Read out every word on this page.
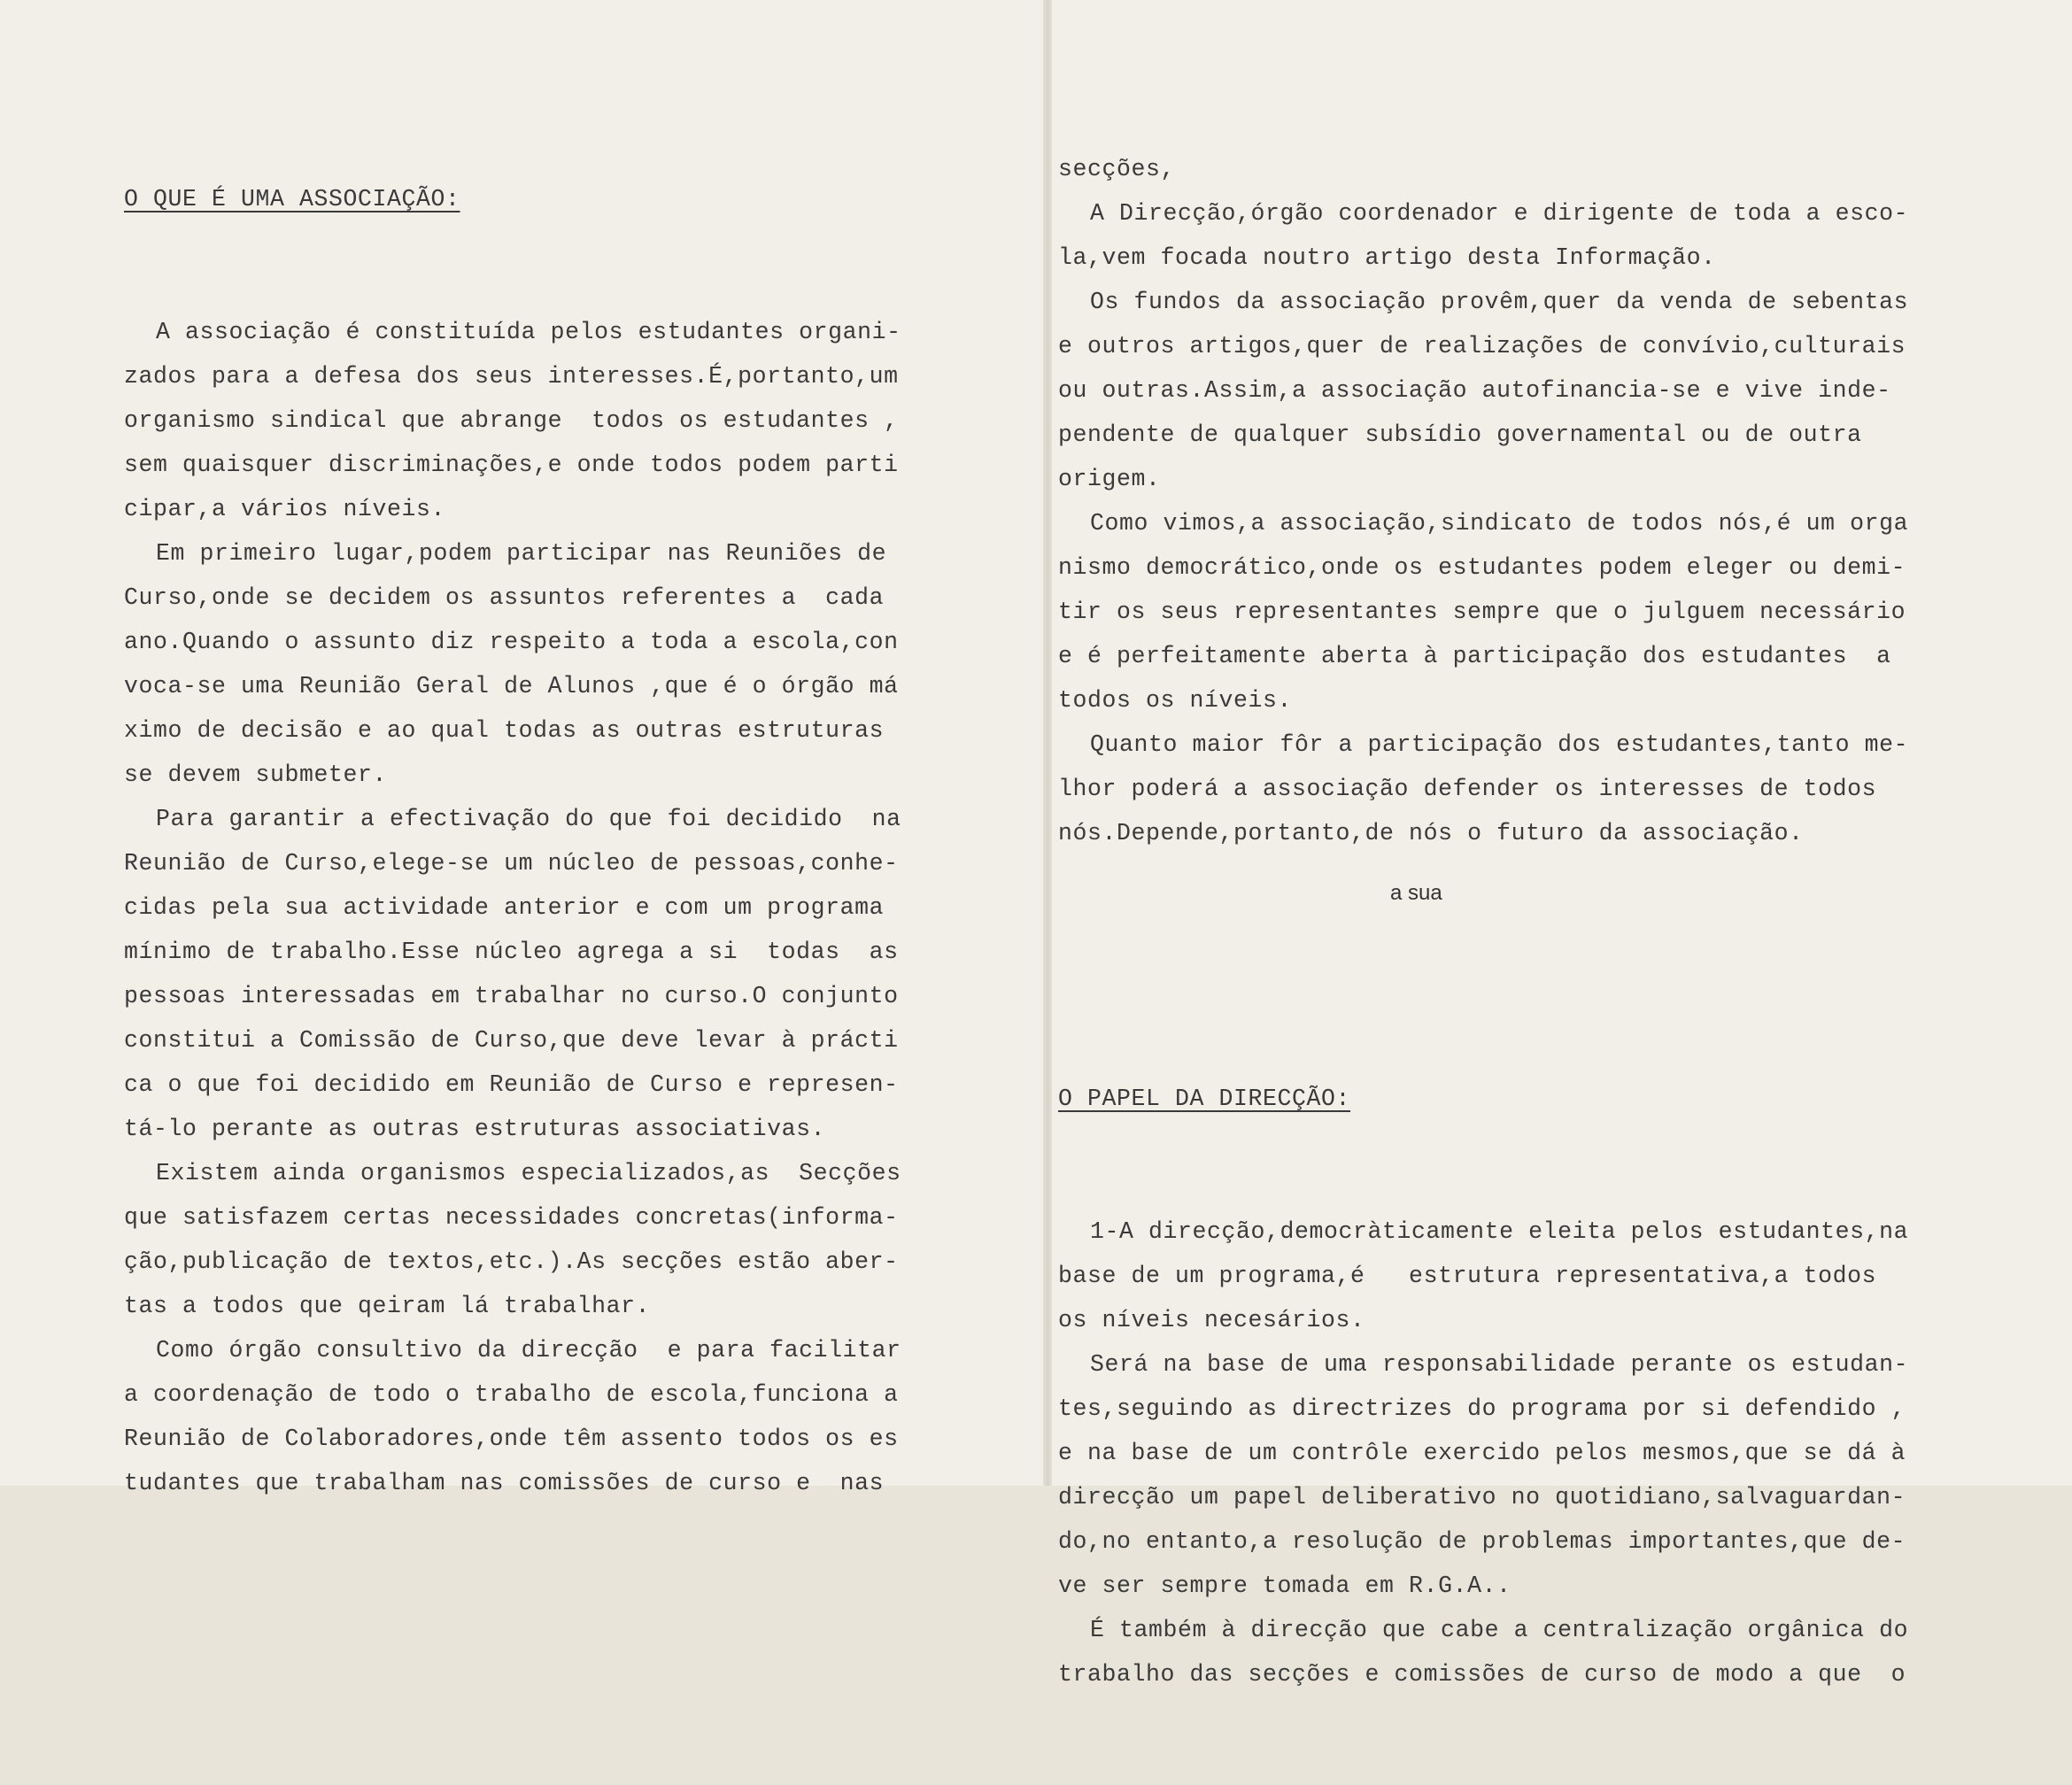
O QUE É UMA ASSOCIAÇÃO:

A associação é constituída pelos estudantes organi-
zados para a defesa dos seus interesses.É,portanto,um
organismo sindical que abrange  todos os estudantes ,
sem quaisquer discriminações,e onde todos podem parti
cipar,a vários níveis.
Em primeiro lugar,podem participar nas Reuniões de
Curso,onde se decidem os assuntos referentes a  cada
ano.Quando o assunto diz respeito a toda a escola,con
voca-se uma Reunião Geral de Alunos ,que é o órgão má
ximo de decisão e ao qual todas as outras estruturas
se devem submeter.
Para garantir a efectivação do que foi decidido  na
Reunião de Curso,elege-se um núcleo de pessoas,conhe-
cidas pela sua actividade anterior e com um programa
mínimo de trabalho.Esse núcleo agrega a si  todas  as
pessoas interessadas em trabalhar no curso.O conjunto
constitui a Comissão de Curso,que deve levar à prácti
ca o que foi decidido em Reunião de Curso e represen-
tá-lo perante as outras estruturas associativas.
Existem ainda organismos especializados,as  Secções
que satisfazem certas necessidades concretas(informa-
ção,publicação de textos,etc.).As secções estão aber-
tas a todos que qeiram lá trabalhar.
Como órgão consultivo da direcção  e para facilitar
a coordenação de todo o trabalho de escola,funciona a
Reunião de Colaboradores,onde têm assento todos os es
tudantes que trabalham nas comissões de curso e  nas

secções,
A Direcção,órgão coordenador e dirigente de toda a esco-
la,vem focada noutro artigo desta Informação.
Os fundos da associação provêm,quer da venda de sebentas
e outros artigos,quer de realizações de convívio,culturais
ou outras.Assim,a associação autofinancia-se e vive inde-
pendente de qualquer subsídio governamental ou de outra
origem.
Como vimos,a associação,sindicato de todos nós,é um orga
nismo democrático,onde os estudantes podem eleger ou demi-
tir os seus representantes sempre que o julguem necessário
e é perfeitamente aberta à participação dos estudantes  a
todos os níveis.
Quanto maior fôr a participação dos estudantes,tanto me-
lhor poderá a associação defender os interesses de todos
nós.Depende,portanto,de nós o futuro da associação.

O PAPEL DA DIRECÇÃO:

1-A direcção,democràticamente eleita pelos estudantes,na
base de um programa,é   estrutura representativa,a todos
os níveis necesários.
Será na base de uma responsabilidade perante os estudan-
tes,seguindo as directrizes do programa por si defendido ,
e na base de um contrôle exercido pelos mesmos,que se dá à
direcção um papel deliberativo no quotidiano,salvaguardan-
do,no entanto,a resolução de problemas importantes,que de-
ve ser sempre tomada em R.G.A..
É também à direcção que cabe a centralização orgânica do
trabalho das secções e comissões de curso de modo a que  o

a sua
